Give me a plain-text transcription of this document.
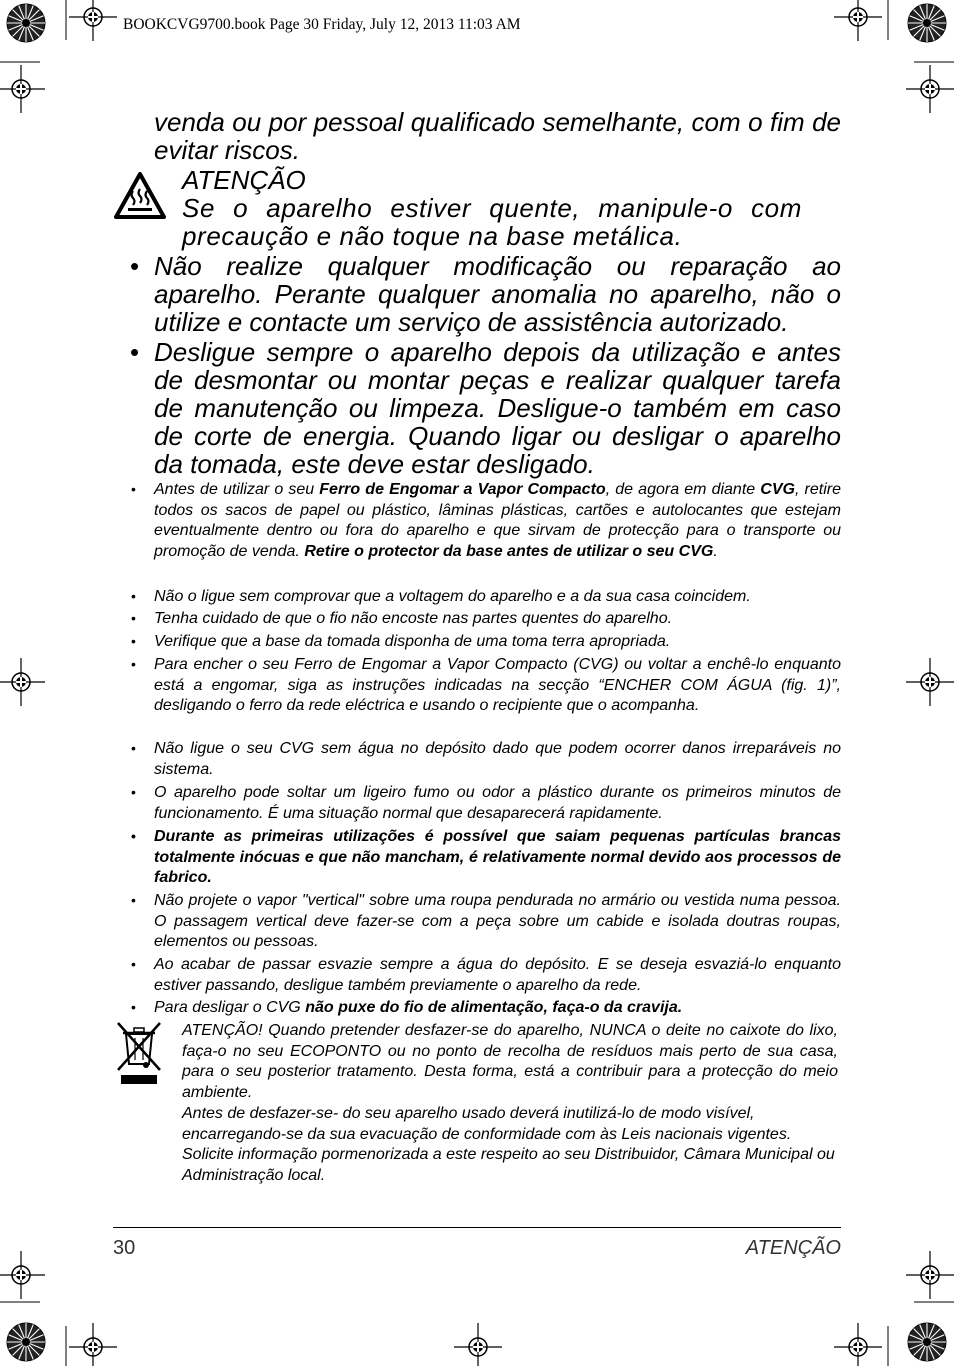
BOOKCVG9700.book Page 30 Friday, July 12, 2013 11:03 AM
venda ou por pessoal qualificado semelhante, com o fim de evitar riscos.
ATENÇÃO
Se o aparelho estiver quente, manipule-o com precaução e não toque na base metálica.
• Não realize qualquer modificação ou reparação ao aparelho. Perante qualquer anomalia no aparelho, não o utilize e contacte um serviço de assistência autorizado.
• Desligue sempre o aparelho depois da utilização e antes de desmontar ou montar peças e realizar qualquer tarefa de manutenção ou limpeza. Desligue-o também em caso de corte de energia. Quando ligar ou desligar o aparelho da tomada, este deve estar desligado.
• Antes de utilizar o seu Ferro de Engomar a Vapor Compacto, de agora em diante CVG, retire todos os sacos de papel ou plástico, lâminas plásticas, cartões e autolocantes que estejam eventualmente dentro ou fora do aparelho e que sirvam de protecção para o transporte ou promoção de venda. Retire o protector da base antes de utilizar o seu CVG.
• Não o ligue sem comprovar que a voltagem do aparelho e a da sua casa coincidem.
• Tenha cuidado de que o fio não encoste nas partes quentes do aparelho.
• Verifique que a base da tomada disponha de uma toma terra apropriada.
• Para encher o seu Ferro de Engomar a Vapor Compacto (CVG) ou voltar a enchê-lo enquanto está a engomar, siga as instruções indicadas na secção “ENCHER COM ÁGUA (fig. 1)”, desligando o ferro da rede eléctrica e usando o recipiente que o acompanha.
• Não ligue o seu CVG sem água no depósito dado que podem ocorrer danos irreparáveis no sistema.
• O aparelho pode soltar um ligeiro fumo ou odor a plástico durante os primeiros minutos de funcionamento. É uma situação normal que desaparecerá rapidamente.
• Durante as primeiras utilizações é possível que saiam pequenas partículas brancas totalmente inócuas e que não mancham, é relativamente normal devido aos processos de fabrico.
• Não projete o vapor "vertical" sobre uma roupa pendurada no armário ou vestida numa pessoa. O passagem vertical deve fazer-se com a peça sobre um cabide e isolada doutras roupas, elementos ou pessoas.
• Ao acabar de passar esvazie sempre a água do depósito. E se deseja esvaziá-lo enquanto estiver passando, desligue também previamente o aparelho da rede.
• Para desligar o CVG não puxe do fio de alimentação, faça-o da cravija.
ATENÇÃO! Quando pretender desfazer-se do aparelho, NUNCA o deite no caixote do lixo, faça-o no seu ECOPONTO ou no ponto de recolha de resíduos mais perto de sua casa, para o seu posterior tratamento. Desta forma, está a contribuir para a protecção do meio ambiente.
Antes de desfazer-se- do seu aparelho usado deverá inutilizá-lo de modo visível, encarregando-se da sua evacuação de conformidade com às Leis nacionais vigentes. Solicite informação pormenorizada a este respeito ao seu Distribuidor, Câmara Municipal ou Administração local.
30	ATENÇÃO
